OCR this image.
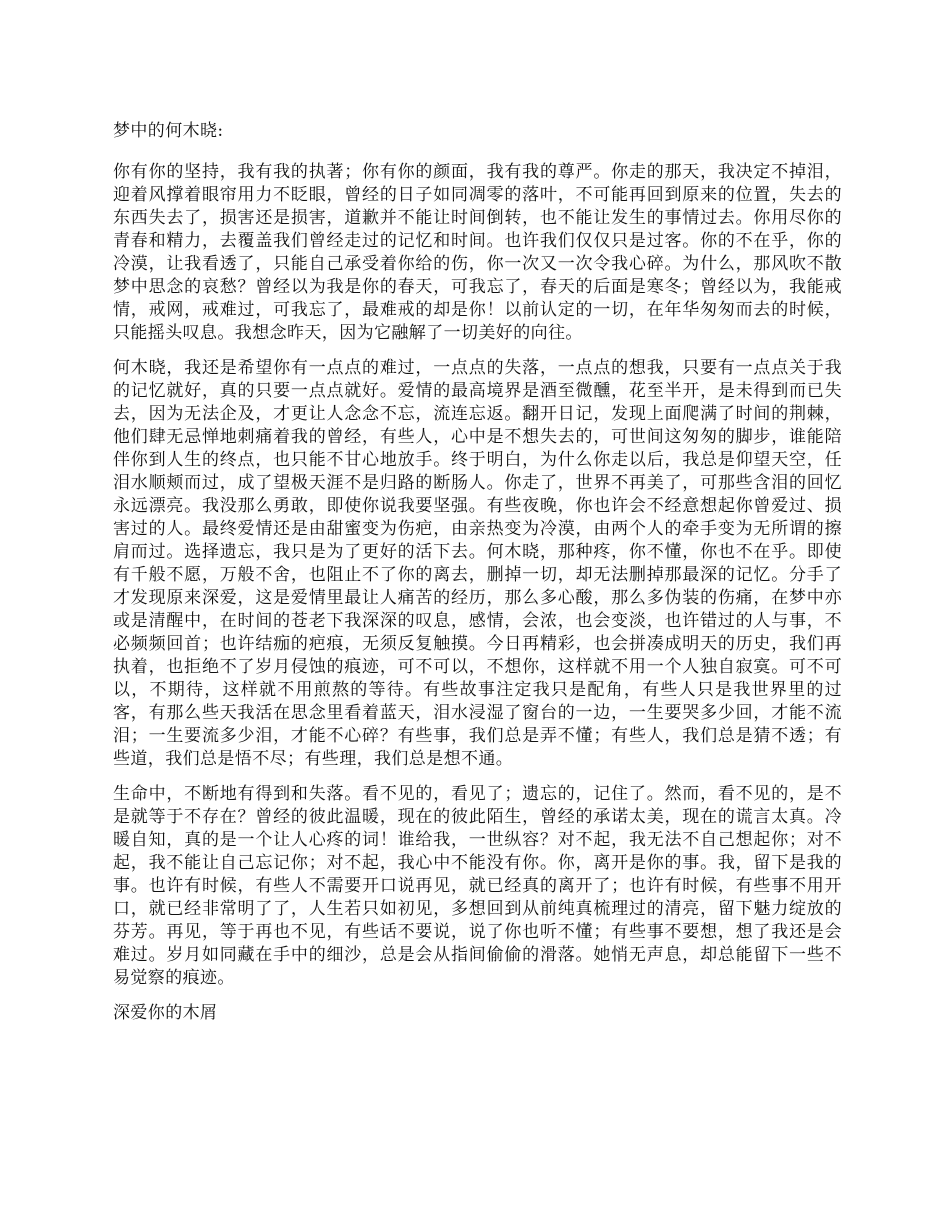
梦中的何木晓:

你有你的坚持，我有我的执著；你有你的颜面，我有我的尊严。你走的那天，我决定不掉泪，迎着风撑着眼帘用力不眨眼，曾经的日子如同凋零的落叶，不可能再回到原来的位置，失去的东西失去了，损害还是损害，道歉并不能让时间倒转，也不能让发生的事情过去。你用尽你的青春和精力，去覆盖我们曾经走过的记忆和时间。也许我们仅仅只是过客。你的不在乎，你的冷漠，让我看透了，只能自己承受着你给的伤，你一次又一次令我心碎。为什么，那风吹不散梦中思念的哀愁？曾经以为我是你的春天，可我忘了，春天的后面是寒冬；曾经以为，我能戒情，戒网，戒难过，可我忘了，最难戒的却是你！以前认定的一切，在年华匆匆而去的时候，只能摇头叹息。我想念昨天，因为它融解了一切美好的向往。

何木晓，我还是希望你有一点点的难过，一点点的失落，一点点的想我，只要有一点点关于我的记忆就好，真的只要一点点就好。爱情的最高境界是酒至微醺，花至半开，是未得到而已失去，因为无法企及，才更让人念念不忘，流连忘返。翻开日记，发现上面爬满了时间的荆棘，他们肆无忌惮地刺痛着我的曾经，有些人，心中是不想失去的，可世间这匆匆的脚步，谁能陪伴你到人生的终点，也只能不甘心地放手。终于明白，为什么你走以后，我总是仰望天空，任泪水顺颊而过，成了望极天涯不是归路的断肠人。你走了，世界不再美了，可那些含泪的回忆永远漂亮。我没那么勇敢，即使你说我要坚强。有些夜晚，你也许会不经意想起你曾爱过、损害过的人。最终爱情还是由甜蜜变为伤疤，由亲热变为冷漠，由两个人的牵手变为无所谓的擦肩而过。选择遗忘，我只是为了更好的活下去。何木晓，那种疼，你不懂，你也不在乎。即使有千般不愿，万般不舍，也阻止不了你的离去，删掉一切，却无法删掉那最深的记忆。分手了才发现原来深爱，这是爱情里最让人痛苦的经历，那么多心酸，那么多伪装的伤痛，在梦中亦或是清醒中，在时间的苍老下我深深的叹息，感情，会浓，也会变淡，也许错过的人与事，不必频频回首；也许结痂的疤痕，无须反复触摸。今日再精彩，也会拼凑成明天的历史，我们再执着，也拒绝不了岁月侵蚀的痕迹，可不可以，不想你，这样就不用一个人独自寂寞。可不可以，不期待，这样就不用煎熬的等待。有些故事注定我只是配角，有些人只是我世界里的过客，有那么些天我活在思念里看着蓝天，泪水浸湿了窗台的一边，一生要哭多少回，才能不流泪；一生要流多少泪，才能不心碎？有些事，我们总是弄不懂；有些人，我们总是猜不透；有些道，我们总是悟不尽；有些理，我们总是想不通。

生命中，不断地有得到和失落。看不见的，看见了；遗忘的，记住了。然而，看不见的，是不是就等于不存在？曾经的彼此温暖，现在的彼此陌生，曾经的承诺太美，现在的谎言太真。冷暖自知，真的是一个让人心疼的词！谁给我，一世纵容？对不起，我无法不自己想起你；对不起，我不能让自己忘记你；对不起，我心中不能没有你。你，离开是你的事。我，留下是我的事。也许有时候，有些人不需要开口说再见，就已经真的离开了；也许有时候，有些事不用开口，就已经非常明了了，人生若只如初见，多想回到从前纯真梳理过的清亮，留下魅力绽放的芬芳。再见，等于再也不见，有些话不要说，说了你也听不懂；有些事不要想，想了我还是会难过。岁月如同藏在手中的细沙，总是会从指间偷偷的滑落。她悄无声息，却总能留下一些不易觉察的痕迹。

深爱你的木屑
